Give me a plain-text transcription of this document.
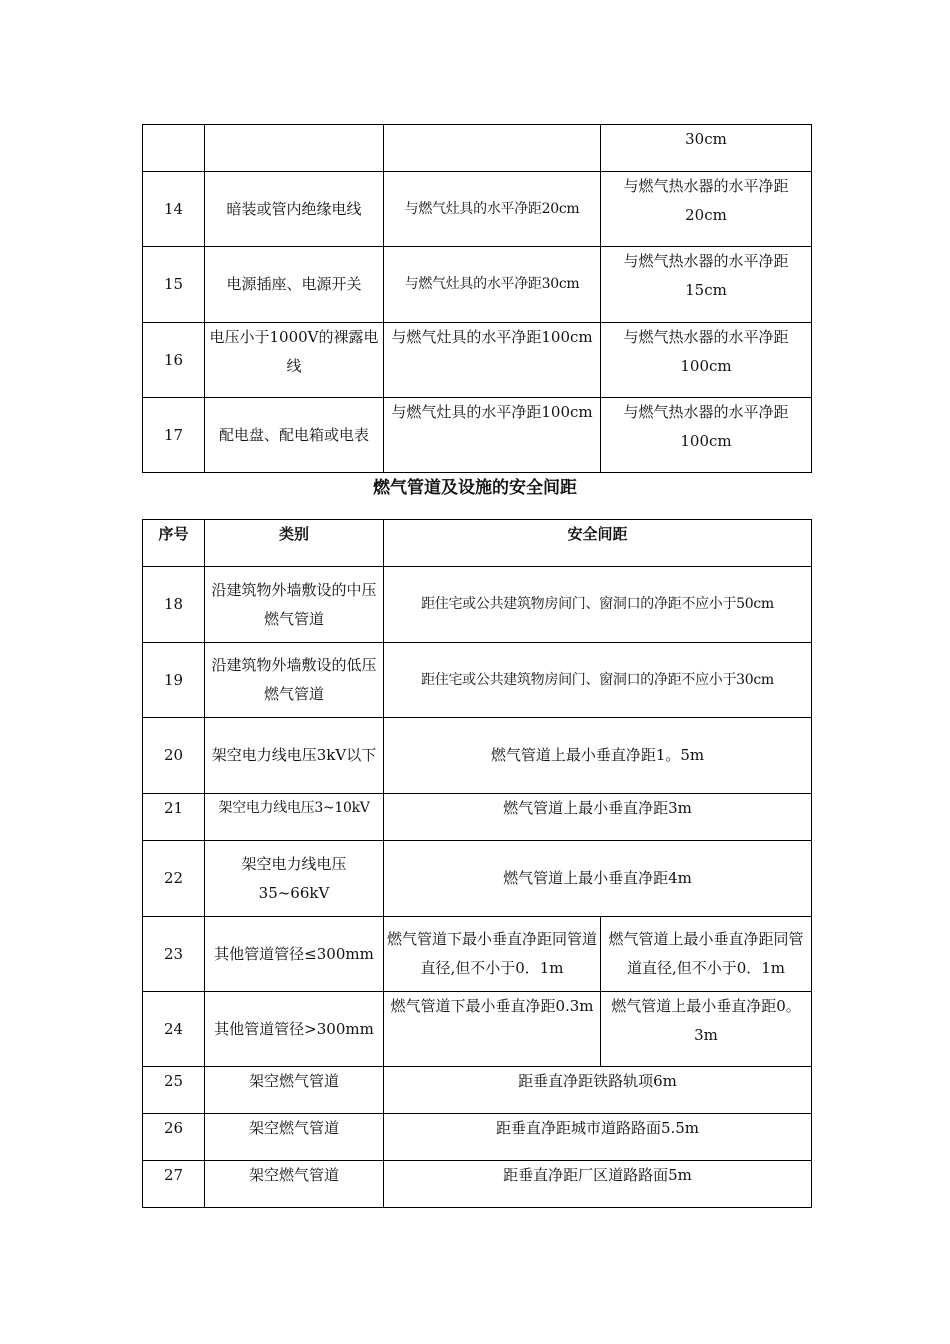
			30cm
14	暗装或管内绝缘电线	与燃气灶具的水平净距20cm	与燃气热水器的水平净距20cm
15	电源插座、电源开关	与燃气灶具的水平净距30cm	与燃气热水器的水平净距15cm
16	电压小于1000V的裸露电线	与燃气灶具的水平净距100cm	与燃气热水器的水平净距100cm
17	配电盘、配电箱或电表	与燃气灶具的水平净距100cm	与燃气热水器的水平净距100cm
燃气管道及设施的安全间距
序号	类别	安全间距	
18	沿建筑物外墙敷设的中压燃气管道	距住宅或公共建筑物房间门、窗洞口的净距不应小于50cm	
19	沿建筑物外墙敷设的低压燃气管道	距住宅或公共建筑物房间门、窗洞口的净距不应小于30cm	
20	架空电力线电压3kV以下	燃气管道上最小垂直净距1。5m	
21	架空电力线电压3~10kV	燃气管道上最小垂直净距3m	
22	架空电力线电压35~66kV	燃气管道上最小垂直净距4m	
23	其他管道管径≤300mm	燃气管道下最小垂直净距同管道直径,但不小于0．1m	燃气管道上最小垂直净距同管道直径,但不小于0．1m
24	其他管道管径>300mm	燃气管道下最小垂直净距0.3m	燃气管道上最小垂直净距0。3m
25	架空燃气管道	距垂直净距铁路轨项6m	
26	架空燃气管道	距垂直净距城市道路路面5.5m	
27	架空燃气管道	距垂直净距厂区道路路面5m	
